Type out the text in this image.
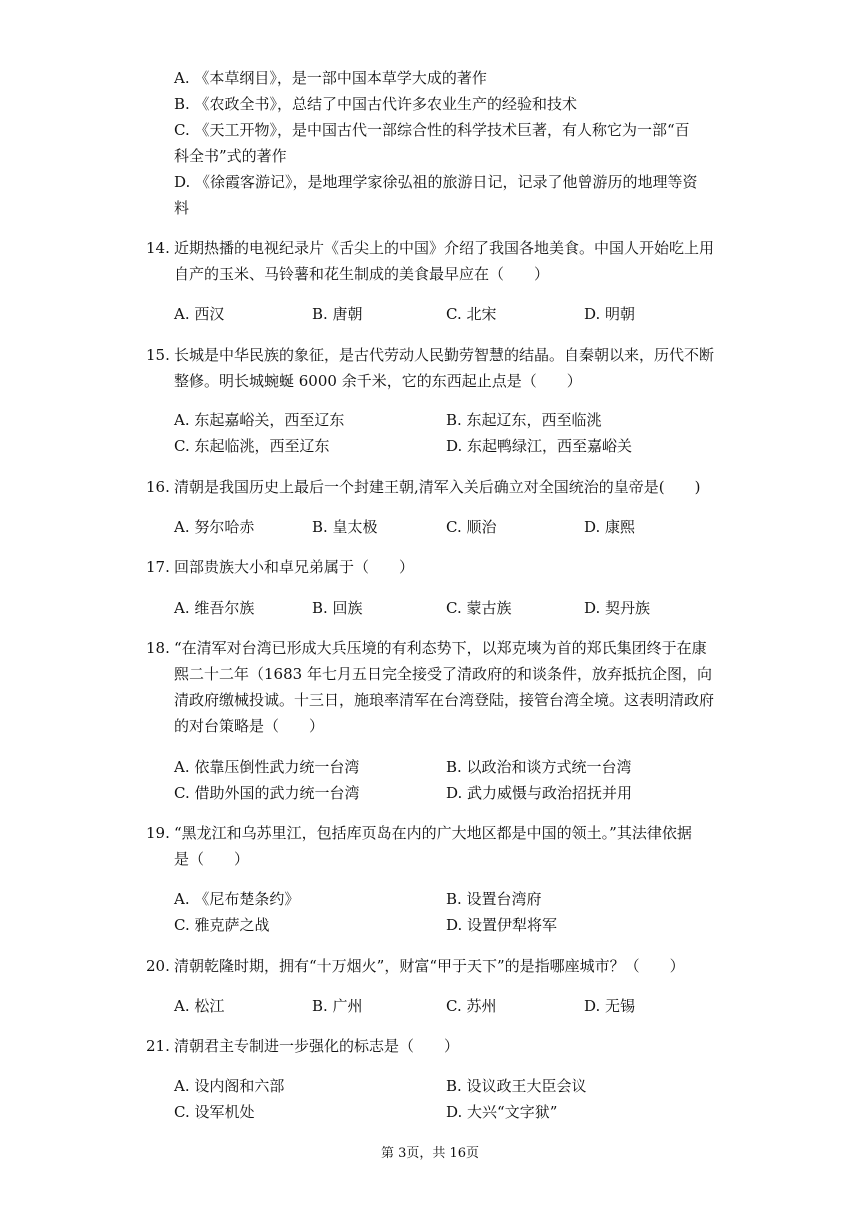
A. 《本草纲目》，是一部中国本草学大成的著作
B. 《农政全书》，总结了中国古代许多农业生产的经验和技术
C. 《天工开物》，是中国古代一部综合性的科学技术巨著，有人称它为一部“百
科全书”式的著作
D. 《徐霞客游记》，是地理学家徐弘祖的旅游日记，记录了他曾游历的地理等资
料
14. 近期热播的电视纪录片《舌尖上的中国》介绍了我国各地美食。中国人开始吃上用
自产的玉米、马铃薯和花生制成的美食最早应在（　　）
A. 西汉	B. 唐朝	C. 北宋	D. 明朝
15. 长城是中华民族的象征，是古代劳动人民勤劳智慧的结晶。自秦朝以来，历代不断
整修。明长城蜿蜒 6000 余千米，它的东西起止点是（　　）
A. 东起嘉峪关，西至辽东	B. 东起辽东，西至临洮
C. 东起临洮，西至辽东	D. 东起鸭绿江，西至嘉峪关
16. 清朝是我国历史上最后一个封建王朝,清军入关后确立对全国统治的皇帝是(　　)
A. 努尔哈赤	B. 皇太极	C. 顺治	D. 康熙
17. 回部贵族大小和卓兄弟属于（　　）
A. 维吾尔族	B. 回族	C. 蒙古族	D. 契丹族
18. “在清军对台湾已形成大兵压境的有利态势下，以郑克塽为首的郑氏集团终于在康
熙二十二年（1683 年七月五日完全接受了清政府的和谈条件，放弃抵抗企图，向
清政府缴械投诚。十三日，施琅率清军在台湾登陆，接管台湾全境。这表明清政府
的对台策略是（　　）
A. 依靠压倒性武力统一台湾	B. 以政治和谈方式统一台湾
C. 借助外国的武力统一台湾	D. 武力威慑与政治招抚并用
19. “黑龙江和乌苏里江，包括库页岛在内的广大地区都是中国的领土。”其法律依据
是（　　）
A. 《尼布楚条约》	B. 设置台湾府
C. 雅克萨之战	D. 设置伊犁将军
20. 清朝乾隆时期，拥有“十万烟火”，财富“甲于天下”的是指哪座城市？（　　）
A. 松江	B. 广州	C. 苏州	D. 无锡
21. 清朝君主专制进一步强化的标志是（　　）
A. 设内阁和六部	B. 设议政王大臣会议
C. 设军机处	D. 大兴“文字狱”
第 3页，共 16页
